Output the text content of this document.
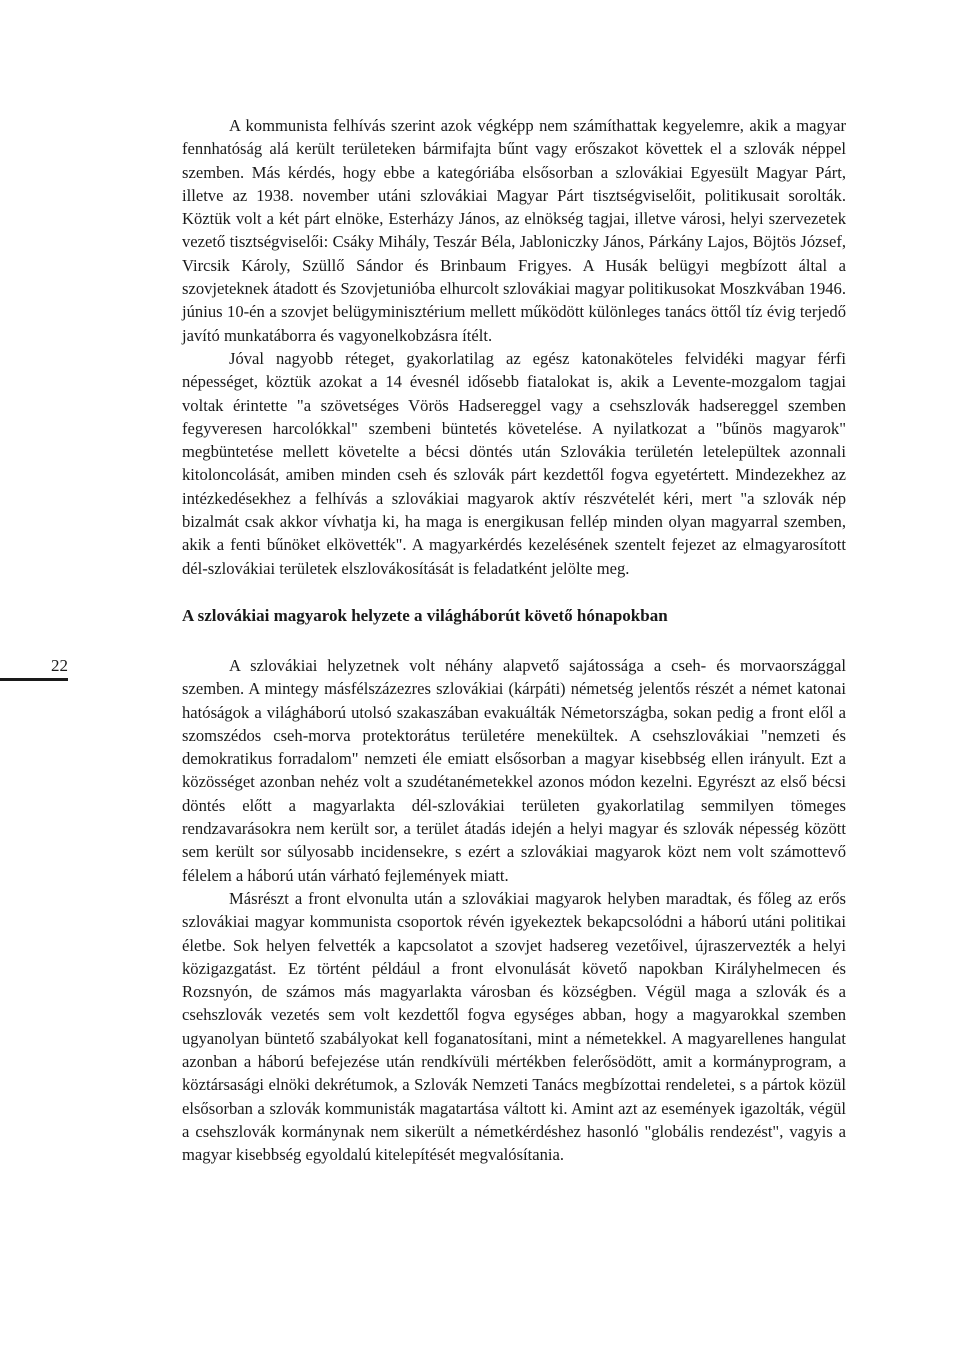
22

A kommunista felhívás szerint azok végképp nem számíthattak kegyelemre, akik a magyar fennhatóság alá került területeken bármifajta bűnt vagy erőszakot követtek el a szlovák néppel szemben. Más kérdés, hogy ebbe a kategóriába elsősorban a szlovákiai Egyesült Magyar Párt, illetve az 1938. november utáni szlovákiai Magyar Párt tisztségviselőit, politikusait sorolták. Köztük volt a két párt elnöke, Esterházy János, az elnökség tagjai, illetve városi, helyi szervezetek vezető tisztségviselői: Csáky Mihály, Teszár Béla, Jabloniczky János, Párkány Lajos, Böjtös József, Vircsik Károly, Szüllő Sándor és Brinbaum Frigyes. A Husák belügyi megbízott által a szovjeteknek átadott és Szovjetunióba elhurcolt szlovákiai magyar politikusokat Moszkvában 1946. június 10-én a szovjet belügyminisztérium mellett működött különleges tanács öttől tíz évig terjedő javító munkatáborra és vagyonelkobzásra ítélt.

Jóval nagyobb réteget, gyakorlatilag az egész katonaköteles felvidéki magyar férfi népességet, köztük azokat a 14 évesnél idősebb fiatalokat is, akik a Levente-mozgalom tagjai voltak érintette "a szövetséges Vörös Hadsereggel vagy a csehszlovák hadsereggel szemben fegyveresen harcolókkal" szembeni büntetés követelése. A nyilatkozat a "bűnös magyarok" megbüntetése mellett követelte a bécsi döntés után Szlovákia területén letelepültek azonnali kitoloncolását, amiben minden cseh és szlovák párt kezdettől fogva egyetértett. Mindezekhez az intézkedésekhez a felhívás a szlovákiai magyarok aktív részvételét kéri, mert "a szlovák nép bizalmát csak akkor vívhatja ki, ha maga is energikusan fellép minden olyan magyarral szemben, akik a fenti bűnöket elkövették". A magyarkérdés kezelésének szentelt fejezet az elmagyarosított dél-szlovákiai területek elszlovákosítását is feladatként jelölte meg.

A szlovákiai magyarok helyzete a világháborút követő hónapokban

A szlovákiai helyzetnek volt néhány alapvető sajátossága a cseh- és morvaországgal szemben. A mintegy másfélszázezres szlovákiai (kárpáti) németség jelentős részét a német katonai hatóságok a világháború utolsó szakaszában evakuálták Németországba, sokan pedig a front elől a szomszédos cseh-morva protektorátus területére menekültek. A csehszlovákiai "nemzeti és demokratikus forradalom" nemzeti éle emiatt elsősorban a magyar kisebbség ellen irányult. Ezt a közösséget azonban nehéz volt a szudétanémetekkel azonos módon kezelni. Egyrészt az első bécsi döntés előtt a magyarlakta dél-szlovákiai területen gyakorlatilag semmilyen tömeges rendzavarásokra nem került sor, a terület átadás idején a helyi magyar és szlovák népesség között sem került sor súlyosabb incidensekre, s ezért a szlovákiai magyarok közt nem volt számottevő félelem a háború után várható fejlemények miatt.

Másrészt a front elvonulta után a szlovákiai magyarok helyben maradtak, és főleg az erős szlovákiai magyar kommunista csoportok révén igyekeztek bekapcsolódni a háború utáni politikai életbe. Sok helyen felvették a kapcsolatot a szovjet hadsereg vezetőivel, újraszervezték a helyi közigazgatást. Ez történt például a front elvonulását követő napokban Királyhelmecen és Rozsnyón, de számos más magyarlakta városban és községben. Végül maga a szlovák és a csehszlovák vezetés sem volt kezdettől fogva egységes abban, hogy a magyarokkal szemben ugyanolyan büntető szabályokat kell foganatosítani, mint a németekkel. A magyarellenes hangulat azonban a háború befejezése után rendkívüli mértékben felerősödött, amit a kormányprogram, a köztársasági elnöki dekrétumok, a Szlovák Nemzeti Tanács megbízottai rendeletei, s a pártok közül elsősorban a szlovák kommunisták magatartása váltott ki. Amint azt az események igazolták, végül a csehszlovák kormánynak nem sikerült a németkérdéshez hasonló "globális rendezést", vagyis a magyar kisebbség egyoldalú kitelepítését megvalósítania.
